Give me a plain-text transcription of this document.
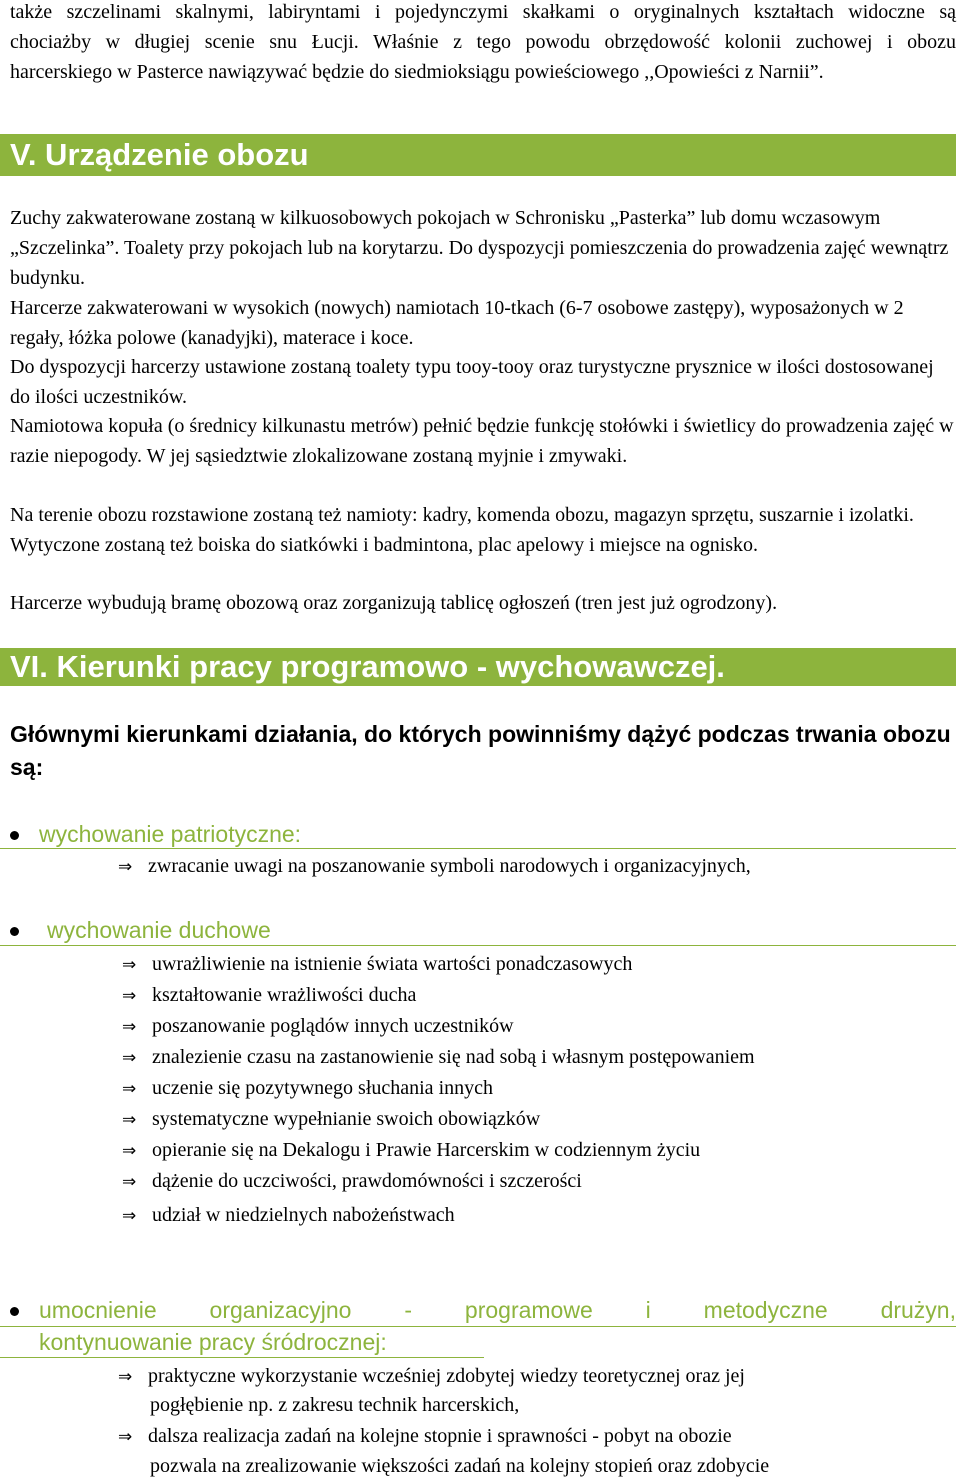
także szczelinami skalnymi, labiryntami i pojedynczymi skałkami o oryginalnych kształtach widoczne są

chociażby w długiej scenie snu Łucji. Właśnie z tego powodu obrzędowość kolonii zuchowej i obozu

harcerskiego w Pasterce nawiązywać będzie do siedmioksiągu powieściowego ,,Opowieści z Narnii”.

V. Urządzenie obozu

Zuchy zakwaterowane zostaną w kilkuosobowych pokojach w Schronisku „Pasterka” lub domu wczasowym „Szczelinka”. Toalety przy pokojach lub na korytarzu. Do dyspozycji pomieszczenia do prowadzenia zajęć wewnątrz budynku.

Harcerze zakwaterowani w wysokich (nowych) namiotach 10-tkach (6-7 osobowe zastępy), wyposażonych w 2 regały, łóżka polowe (kanadyjki), materace i koce.

Do dyspozycji harcerzy ustawione zostaną toalety typu tooy-tooy oraz turystyczne prysznice w ilości dostosowanej do ilości uczestników.

Namiotowa kopuła (o średnicy kilkunastu metrów) pełnić będzie funkcję stołówki i świetlicy do prowadzenia zajęć w razie niepogody. W jej sąsiedztwie zlokalizowane zostaną myjnie i zmywaki.

Na terenie obozu rozstawione zostaną też namioty: kadry, komenda obozu, magazyn sprzętu, suszarnie i izolatki. Wytyczone zostaną też boiska do siatkówki i badmintona, plac apelowy i miejsce na ognisko.

Harcerze wybudują bramę obozową oraz zorganizują tablicę ogłoszeń (tren jest już ogrodzony).

VI. Kierunki pracy programowo - wychowawczej.

Głównymi kierunkami działania, do których powinniśmy dążyć podczas trwania obozu są:

wychowanie patriotyczne:
⇒ zwracanie uwagi na poszanowanie symboli narodowych i organizacyjnych,
wychowanie duchowe
⇒ uwrażliwienie na istnienie świata wartości ponadczasowych
⇒ kształtowanie wrażliwości ducha
⇒ poszanowanie poglądów innych uczestników
⇒ znalezienie czasu na zastanowienie się nad sobą i własnym postępowaniem
⇒ uczenie się pozytywnego słuchania innych
⇒ systematyczne wypełnianie swoich obowiązków
⇒ opieranie się na Dekalogu i Prawie Harcerskim w codziennym życiu
⇒ dążenie do uczciwości, prawdomówności i szczerości
⇒ udział w niedzielnych nabożeństwach
umocnienie organizacyjno - programowe i metodyczne drużyn,
kontynuowanie pracy śródrocznej:
⇒ praktyczne wykorzystanie wcześniej zdobytej wiedzy teoretycznej oraz jej
pogłębienie np. z zakresu technik harcerskich,
⇒ dalsza realizacja zadań na kolejne stopnie i sprawności - pobyt na obozie
pozwala na zrealizowanie większości zadań na kolejny stopień oraz zdobycie
